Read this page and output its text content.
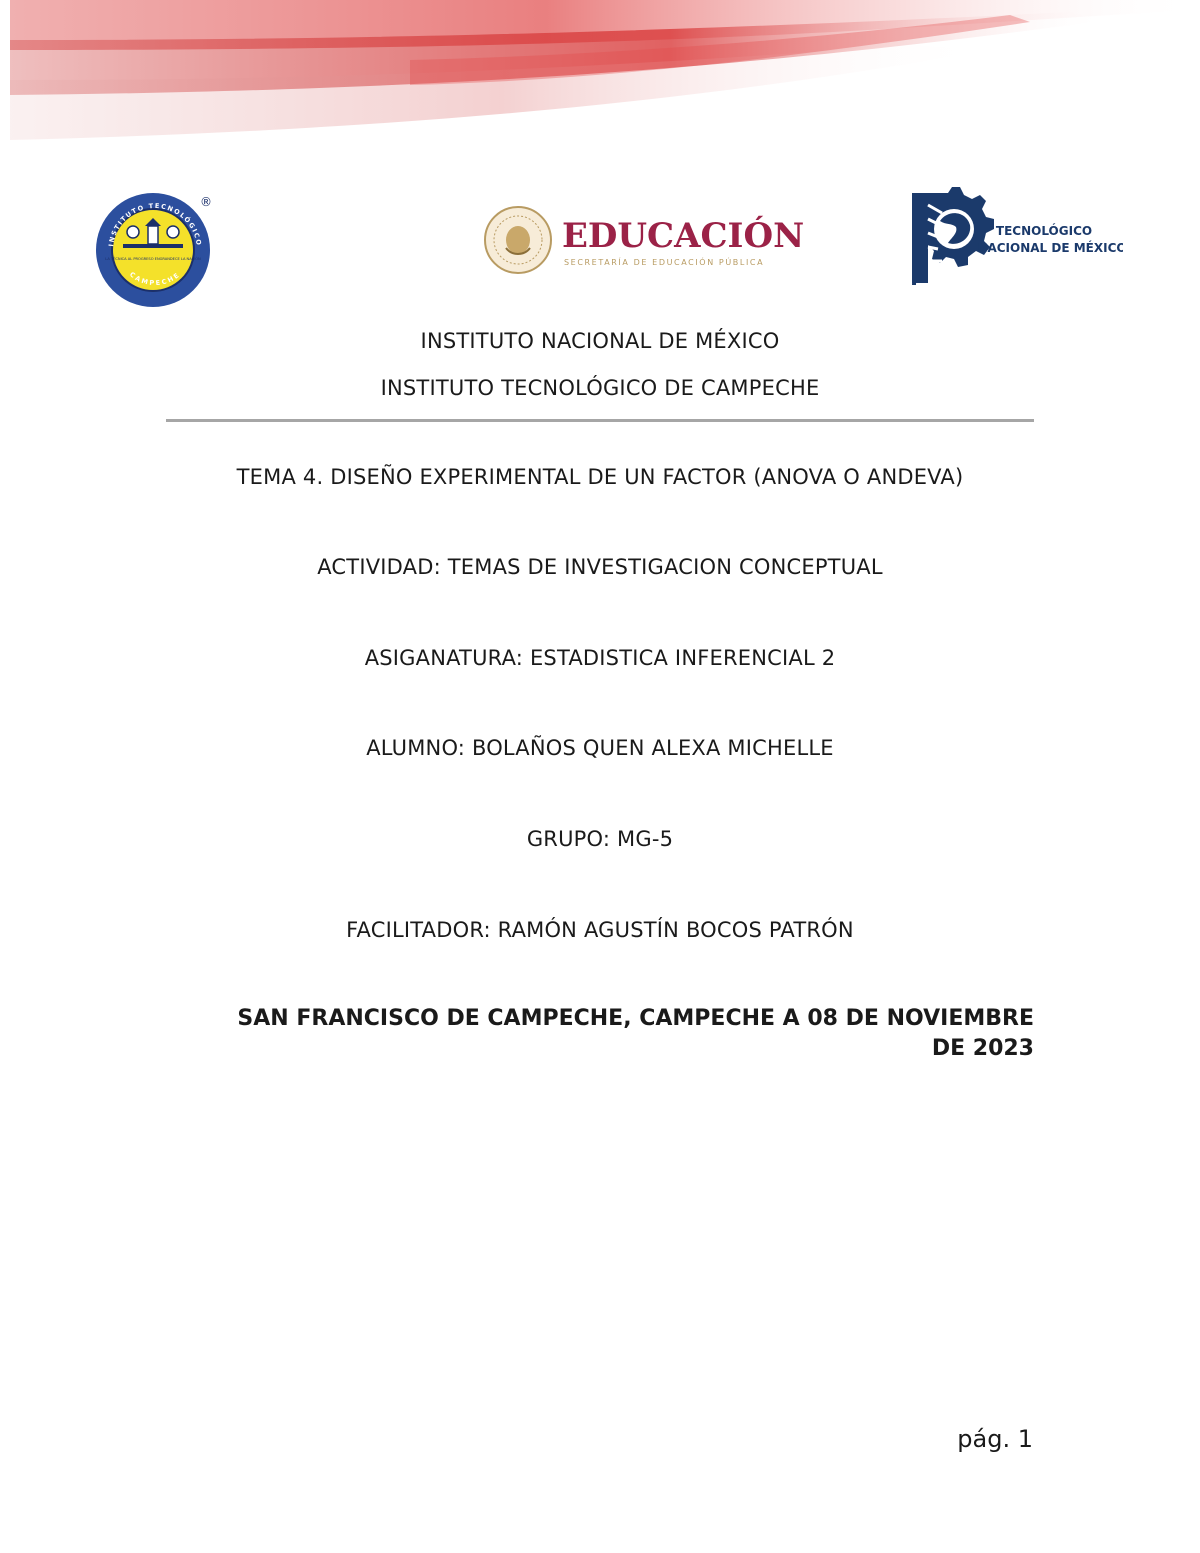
INSTITUTO TECNOLÓGICO
CAMPECHE
LA TÉCNICA AL PROGRESO ENGRANDECE LA NACIÓN
®
EDUCACIÓN
SECRETARÍA DE EDUCACIÓN PÚBLICA
TECNOLÓGICO
NACIONAL DE MÉXICO
INSTITUTO NACIONAL DE MÉXICO
INSTITUTO TECNOLÓGICO DE CAMPECHE
TEMA 4. DISEÑO EXPERIMENTAL DE UN FACTOR (ANOVA O ANDEVA)
ACTIVIDAD: TEMAS DE INVESTIGACION CONCEPTUAL
ASIGANATURA: ESTADISTICA INFERENCIAL 2
ALUMNO: BOLAÑOS QUEN ALEXA MICHELLE
GRUPO: MG-5
FACILITADOR: RAMÓN AGUSTÍN BOCOS PATRÓN
SAN FRANCISCO DE CAMPECHE, CAMPECHE A 08 DE NOVIEMBRE
DE 2023
pág. 1
